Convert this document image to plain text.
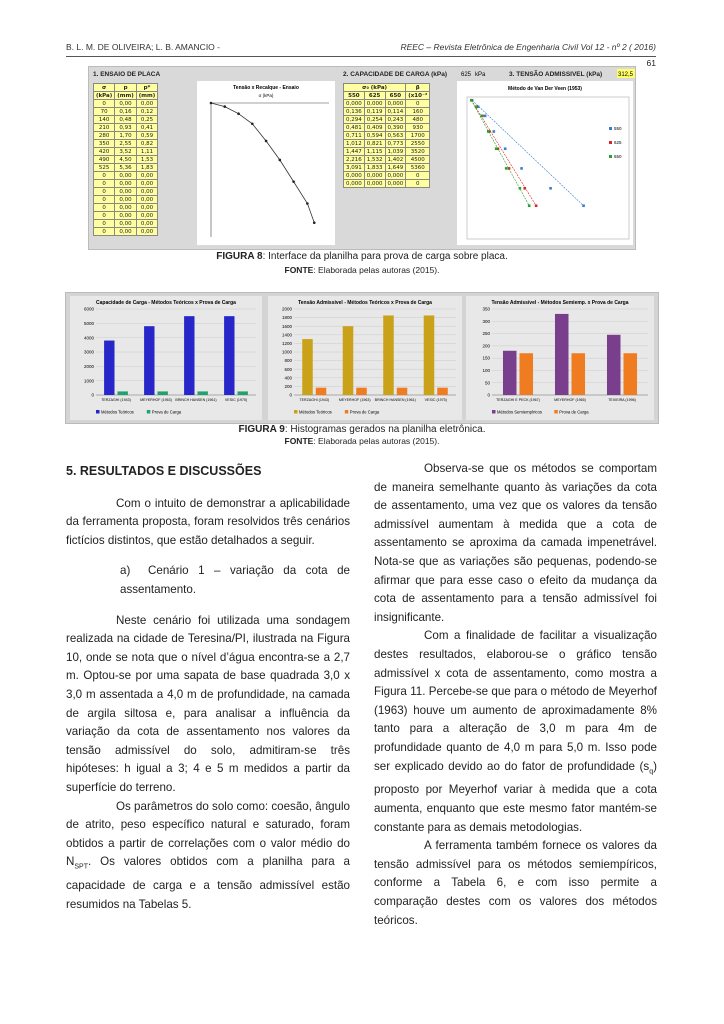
B. L. M. DE OLIVEIRA; L. B. AMANCIO -	REEC – Revista Eletrônica de Engenharia Civil Vol 12 - nº 2 ( 2016)
61
1. ENSAIO DE PLACA	2. CAPACIDADE DE CARGA (kPa) 625 kPa	3. TENSÃO ADMISSIVEL (kPa)	312,5
Tensão x Recalque - Ensaio
σ (kPa)
Método de Van Der Veen (1953)
550
625
650
σ	p	p*
(kPa)	(mm)	(mm)
0	0,00	0,00
70	0,16	0,12
140	0,48	0,25
210	0,93	0,41
280	1,70	0,59
350	2,55	0,82
420	3,52	1,11
490	4,50	1,53
525	5,36	1,83
0	0,00	0,00
0	0,00	0,00
0	0,00	0,00
0	0,00	0,00
0	0,00	0,00
0	0,00	0,00
0	0,00	0,00
0	0,00	0,00
σ₀ (kPa)			β
550	625	650	(x10⁻³
0,000	0,000	0,000	0
0,136	0,119	0,114	160
0,294	0,254	0,243	480
0,481	0,409	0,390	930
0,711	0,594	0,563	1700
1,012	0,821	0,773	2550
1,447	1,115	1,039	3520
2,216	1,532	1,402	4500
3,091	1,833	1,649	5360
0,000	0,000	0,000	0
0,000	0,000	0,000	0
FIGURA 8: Interface da planilha para prova de carga sobre placa.
FONTE: Elaborada pelas autoras (2015).
Capacidade de Carga - Métodos Teóricos x Prova de Carga
0
1000
2000
3000
4000
5000
6000
TERZAGHI (1943)	MEYERHOF (1963) BRINCH HANSEN (1961) VESIC (1975)
Métodos Teóricos	Prova de Carga
Tensão Admissível - Métodos Teóricos x Prova de Carga
0
200
400
600
800
1000
1200
1400
1600
1800
2000
TERZAGHI (1943)	MEYERHOF (1963) BRINCH HANSEN (1961) VESIC (1975)
Métodos Teóricos	Prova de Carga
Tensão Admissível - Métodos Semiemp. x Prova de Carga
0
50
100
150
200
250
300
350
TERZAGHI E PECK (1967)	MEYERHOF (1965)	TEIXEIRA (1996)
Métodos Semiempíricos	Prova de Carga
FIGURA 9: Histogramas gerados na planilha eletrônica.
FONTE: Elaborada pelas autoras (2015).
5. RESULTADOS E DISCUSSÕES

Com o intuito de demonstrar a aplicabilidade da ferramenta proposta, foram resolvidos três cenários fictícios distintos, que estão detalhados a seguir.

a)	Cenário 1 – variação da cota de assentamento.

Neste cenário foi utilizada uma sondagem realizada na cidade de Teresina/PI, ilustrada na Figura 10, onde se nota que o nível d’água encontra-se a 2,7 m. Optou-se por uma sapata de base quadrada 3,0 x 3,0 m assentada a 4,0 m de profundidade, na camada de argila siltosa e, para analisar a influência da variação da cota de assentamento nos valores da tensão admissível do solo, admitiram-se três hipóteses: h igual a 3; 4 e 5 m medidos a partir da superfície do terreno.

Os parâmetros do solo como: coesão, ângulo de atrito, peso específico natural e saturado, foram obtidos a partir de correlações com o valor médio do $N_{SPT}$. Os valores obtidos com a planilha para a capacidade de carga e a tensão admissível estão resumidos na Tabelas 5.

Observa-se que os métodos se comportam de maneira semelhante quanto às variações da cota de assentamento, uma vez que os valores da tensão admissível aumentam à medida que a cota de assentamento se aproxima da camada impenetrável. Nota-se que as variações são pequenas, podendo-se afirmar que para esse caso o efeito da mudança da cota de assentamento para a tensão admissível foi insignificante.

Com a finalidade de facilitar a visualização destes resultados, elaborou-se o gráfico tensão admissível x cota de assentamento, como mostra a Figura 11. Percebe-se que para o método de Meyerhof (1963) houve um aumento de aproximadamente 8% tanto para a alteração de 3,0 m para 4m de profundidade quanto de 4,0 m para 5,0 m. Isso pode ser explicado devido ao do fator de profundidade $(s_q)$ proposto por Meyerhof variar à medida que a cota aumenta, enquanto que este mesmo fator mantém-se constante para as demais metodologias.

A ferramenta também fornece os valores da tensão admissível para os métodos semiempíricos, conforme a Tabela 6, e com isso permite a comparação destes com os valores dos métodos teóricos.
